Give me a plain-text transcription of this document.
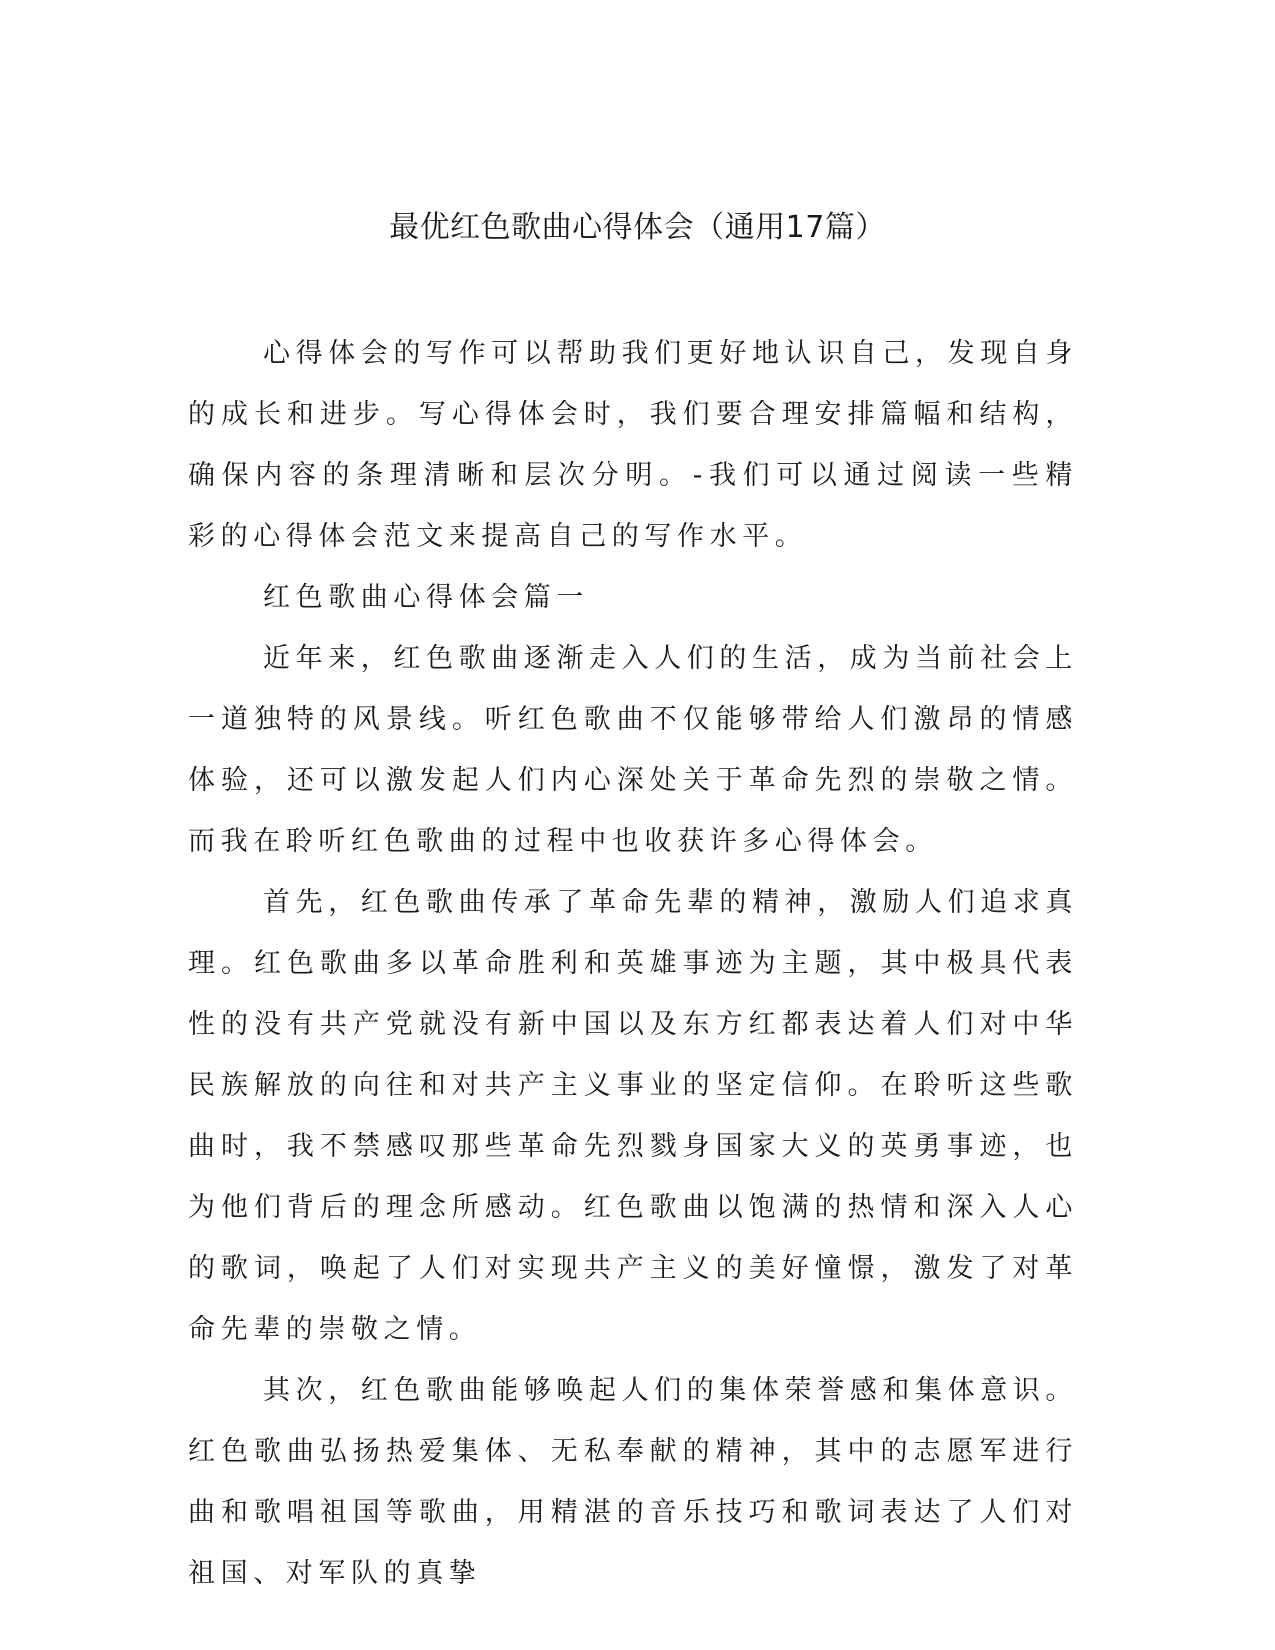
最优红色歌曲心得体会（通用17篇）

心得体会的写作可以帮助我们更好地认识自己，发现自身的成长和进步。写心得体会时，我们要合理安排篇幅和结构，确保内容的条理清晰和层次分明。-我们可以通过阅读一些精彩的心得体会范文来提高自己的写作水平。

红色歌曲心得体会篇一

近年来，红色歌曲逐渐走入人们的生活，成为当前社会上一道独特的风景线。听红色歌曲不仅能够带给人们激昂的情感体验，还可以激发起人们内心深处关于革命先烈的崇敬之情。而我在聆听红色歌曲的过程中也收获许多心得体会。

首先，红色歌曲传承了革命先辈的精神，激励人们追求真理。红色歌曲多以革命胜利和英雄事迹为主题，其中极具代表性的没有共产党就没有新中国以及东方红都表达着人们对中华民族解放的向往和对共产主义事业的坚定信仰。在聆听这些歌曲时，我不禁感叹那些革命先烈戮身国家大义的英勇事迹，也为他们背后的理念所感动。红色歌曲以饱满的热情和深入人心的歌词，唤起了人们对实现共产主义的美好憧憬，激发了对革命先辈的崇敬之情。

其次，红色歌曲能够唤起人们的集体荣誉感和集体意识。红色歌曲弘扬热爱集体、无私奉献的精神，其中的志愿军进行曲和歌唱祖国等歌曲，用精湛的音乐技巧和歌词表达了人们对祖国、对军队的真挚
